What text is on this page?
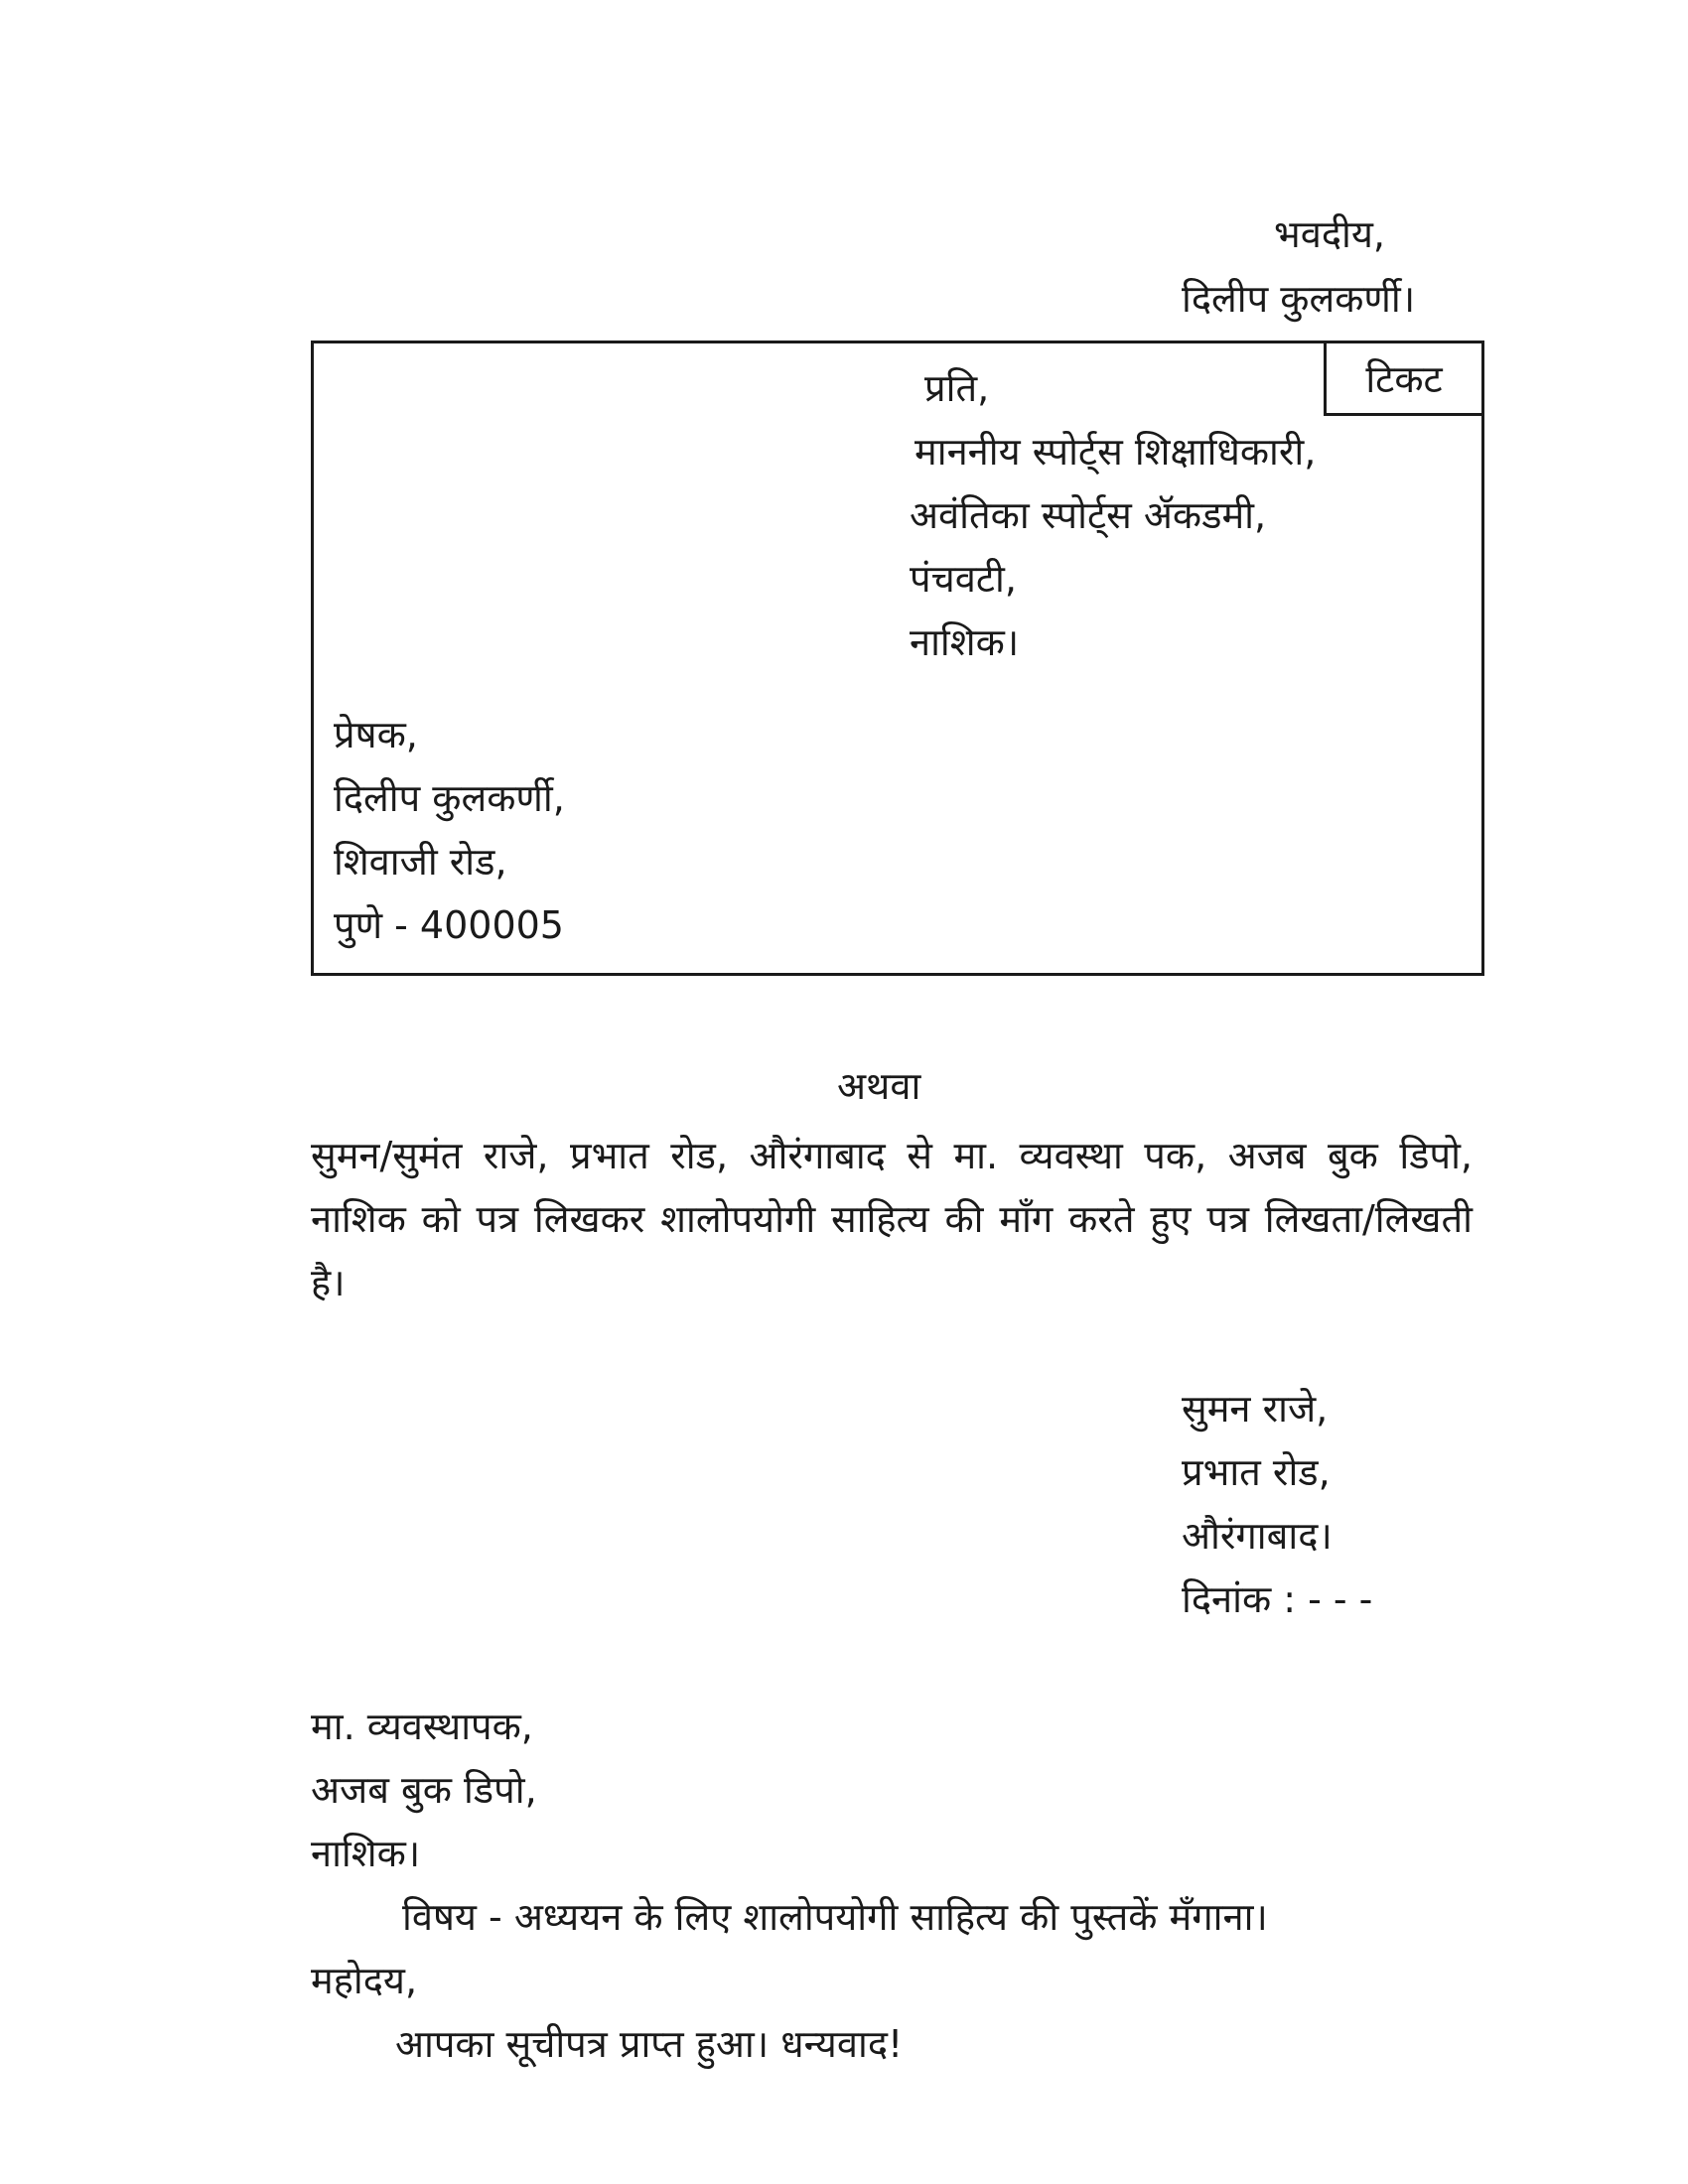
भवदीय,
दिलीप कुलकर्णी।
टिकट
प्रति,
माननीय स्पोर्ट्स शिक्षाधिकारी,
अवंतिका स्पोर्ट्स ॲकडमी,
पंचवटी,
नाशिक।
प्रेषक,
दिलीप कुलकर्णी,
शिवाजी रोड,
पुणे - 400005
अथवा
सुमन/सुमंत राजे, प्रभात रोड, औरंगाबाद से मा. व्यवस्था पक, अजब बुक डिपो, नाशिक को पत्र लिखकर शालोपयोगी साहित्य की माँग करते हुए पत्र लिखता/लिखती है।
सुमन राजे,
प्रभात रोड,
औरंगाबाद।
दिनांक : - - -
मा. व्यवस्थापक,
अजब बुक डिपो,
नाशिक।
विषय - अध्ययन के लिए शालोपयोगी साहित्य की पुस्तकें मँगाना।
महोदय,
आपका सूचीपत्र प्राप्त हुआ। धन्यवाद!
